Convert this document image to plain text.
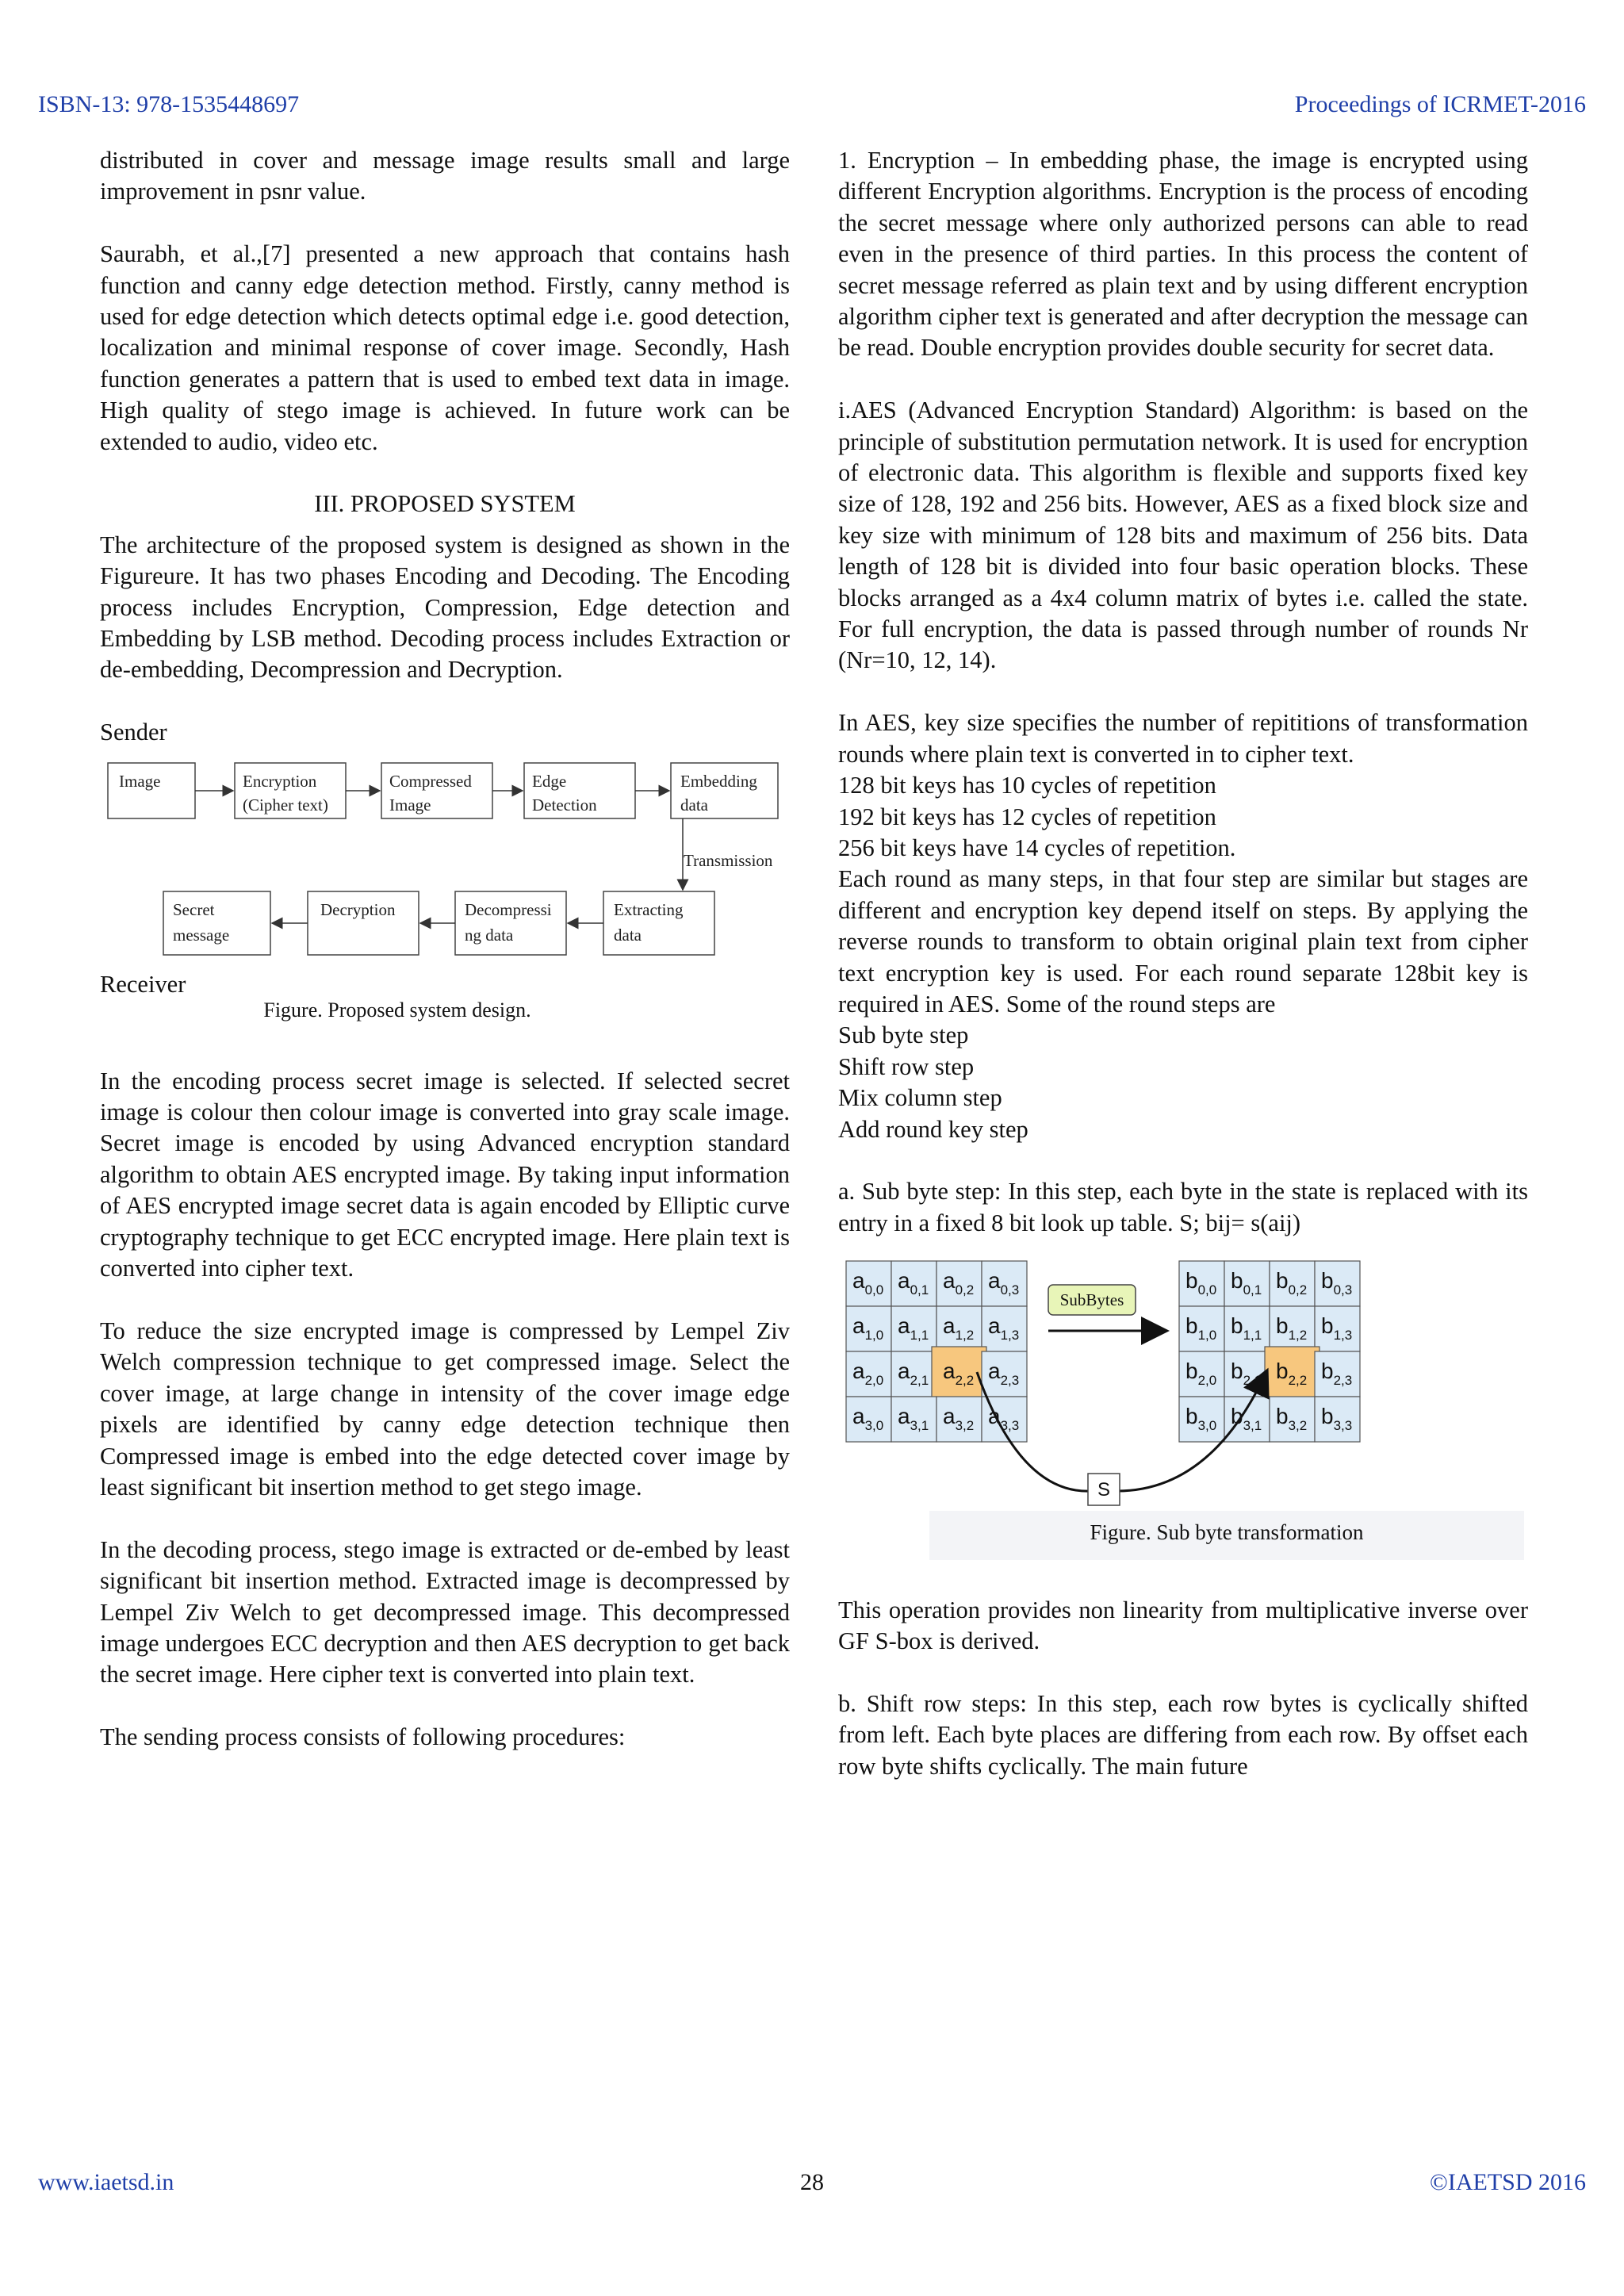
ISBN-13: 978-1535448697	Proceedings of ICRMET-2016

distributed in cover and message image results small and large improvement in psnr value.

Saurabh, et al.,[7] presented a new approach that contains hash function and canny edge detection method. Firstly, canny method is used for edge detection which detects optimal edge i.e. good detection, localization and minimal response of cover image. Secondly, Hash function generates a pattern that is used to embed text data in image. High quality of stego image is achieved. In future work can be extended to audio, video etc.

III. PROPOSED SYSTEM

The architecture of the proposed system is designed as shown in the Figureure. It has two phases Encoding and Decoding. The Encoding process includes Encryption, Compression, Edge detection and Embedding by LSB method. Decoding process includes Extraction or de-embedding, Decompression and Decryption.

Sender

Image	Encryption
(Cipher text)
Compressed
Image
Edge
Detection
Embedding
data
Transmission
Secret
message
Decryption	Decompressi
ng data
Extracting
data
Receiver
Figure. Proposed system design.

In the encoding process secret image is selected. If selected secret image is colour then colour image is converted into gray scale image. Secret image is encoded by using Advanced encryption standard algorithm to obtain AES encrypted image. By taking input information of AES encrypted image secret data is again encoded by Elliptic curve cryptography technique to get ECC encrypted image. Here plain text is converted into cipher text.

To reduce the size encrypted image is compressed by Lempel Ziv Welch compression technique to get compressed image. Select the cover image, at large change in intensity of the cover image edge pixels are identified by canny edge detection technique then Compressed image is embed into the edge detected cover image by least significant bit insertion method to get stego image.

In the decoding process, stego image is extracted or de-embed by least significant bit insertion method. Extracted image is decompressed by Lempel Ziv Welch to get decompressed image. This decompressed image undergoes ECC decryption and then AES decryption to get back the secret image. Here cipher text is converted into plain text.

The sending process consists of following procedures:

1. Encryption – In embedding phase, the image is encrypted using different Encryption algorithms. Encryption is the process of encoding the secret message where only authorized persons can able to read even in the presence of third parties. In this process the content of secret message referred as plain text and by using different encryption algorithm cipher text is generated and after decryption the message can be read. Double encryption provides double security for secret data.

i.AES (Advanced Encryption Standard) Algorithm: is based on the principle of substitution permutation network. It is used for encryption of electronic data. This algorithm is flexible and supports fixed key size of 128, 192 and 256 bits. However, AES as a fixed block size and key size with minimum of 128 bits and maximum of 256 bits. Data length of 128 bit is divided into four basic operation blocks. These blocks arranged as a 4x4 column matrix of bytes i.e. called the state. For full encryption, the data is passed through number of rounds Nr (Nr=10, 12, 14).

In AES, key size specifies the number of repititions of transformation rounds where plain text is converted in to cipher text.

128 bit keys has 10 cycles of repetition
192 bit keys has 12 cycles of repetition
256 bit keys have 14 cycles of repetition.

Each round as many steps, in that four step are similar but stages are different and encryption key depend itself on steps. By applying the reverse rounds to transform to obtain original plain text from cipher text encryption key is used. For each round separate 128bit key is required in AES. Some of the round steps are

Sub byte step
Shift row step
Mix column step
Add round key step

a. Sub byte step: In this step, each byte in the state is replaced with its entry in a fixed 8 bit look up table. S; bij= s(aij)

$a_{0,0}$ $a_{0,1}$ $a_{0,2}$ $a_{0,3}$
$a_{1,0}$ $a_{1,1}$ $a_{1,2}$ $a_{1,3}$
$a_{2,0}$ $a_{2,1}$ $a_{2,2}$ $a_{2,3}$
$a_{3,0}$ $a_{3,1}$ $a_{3,2}$ $a_{3,3}$
$b_{0,0}$ $b_{0,1}$ $b_{0,2}$ $b_{0,3}$
$b_{1,0}$ $b_{1,1}$ $b_{1,2}$ $b_{1,3}$
$b_{2,0}$ $b_{2,1}$ $b_{2,2}$ $b_{2,3}$
$b_{3,0}$ $b_{3,1}$ $b_{3,2}$ $b_{3,3}$
SubBytes
S
Figure. Sub byte transformation

This operation provides non linearity from multiplicative inverse over GF S-box is derived.

b. Shift row steps: In this step, each row bytes is cyclically shifted from left. Each byte places are differing from each row. By offset each row byte shifts cyclically. The main future

www.iaetsd.in	28	©IAETSD 2016
